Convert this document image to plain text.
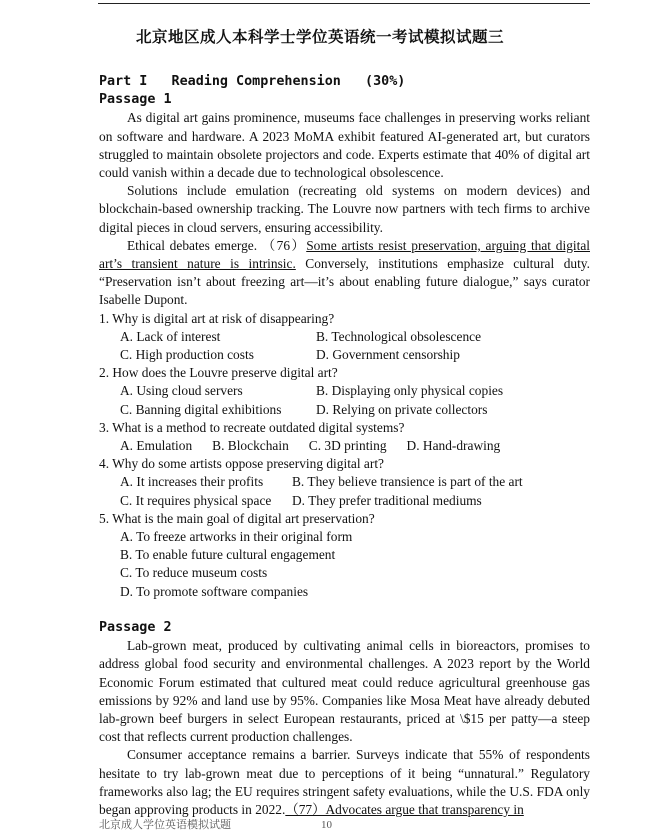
北京地区成人本科学士学位英语统一考试模拟试题三
Part I   Reading Comprehension   (30%)
Passage 1

As digital art gains prominence, museums face challenges in preserving works reliant on software and hardware. A 2023 MoMA exhibit featured AI-generated art, but curators struggled to maintain obsolete projectors and code. Experts estimate that 40% of digital art could vanish within a decade due to technological obsolescence.

Solutions include emulation (recreating old systems on modern devices) and blockchain-based ownership tracking. The Louvre now partners with tech firms to archive digital pieces in cloud servers, ensuring accessibility.

Ethical debates emerge. （76）Some artists resist preservation, arguing that digital art’s transient nature is intrinsic. Conversely, institutions emphasize cultural duty. “Preservation isn’t about freezing art—it’s about enabling future dialogue,” says curator Isabelle Dupont.

1. Why is digital art at risk of disappearing?

A. Lack of interest	B. Technological obsolescence
C. High production costs	D. Government censorship

2. How does the Louvre preserve digital art?

A. Using cloud servers	B. Displaying only physical copies
C. Banning digital exhibitions	D. Relying on private collectors

3. What is a method to recreate outdated digital systems?

A. Emulation B. Blockchain C. 3D printing D. Hand-drawing

4. Why do some artists oppose preserving digital art?

A. It increases their profits	B. They believe transience is part of the art
C. It requires physical space	D. They prefer traditional mediums

5. What is the main goal of digital art preservation?

A. To freeze artworks in their original form

B. To enable future cultural engagement

C. To reduce museum costs

D. To promote software companies

Passage 2

Lab-grown meat, produced by cultivating animal cells in bioreactors, promises to address global food security and environmental challenges. A 2023 report by the World Economic Forum estimated that cultured meat could reduce agricultural greenhouse gas emissions by 92% and land use by 95%. Companies like Mosa Meat have already debuted lab-grown beef burgers in select European restaurants, priced at \$15 per patty—a steep cost that reflects current production challenges.

Consumer acceptance remains a barrier. Surveys indicate that 55% of respondents hesitate to try lab-grown meat due to perceptions of it being “unnatural.” Regulatory frameworks also lag; the EU requires stringent safety evaluations, while the U.S. FDA only began approving products in 2022.（77）Advocates argue that transparency in

北京成人学位英语模拟试题	10
